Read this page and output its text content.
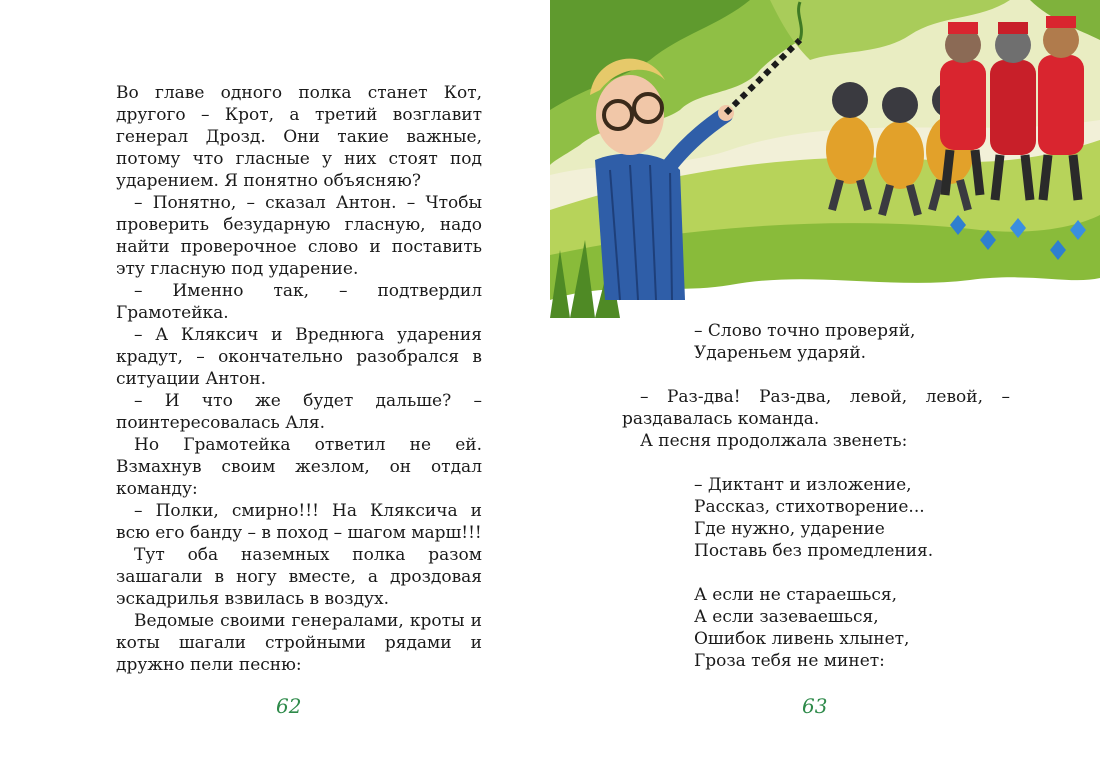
Во главе одного полка станет Кот, другого – Крот, а третий возглавит генерал Дрозд. Они такие важные, потому что гласные у них стоят под ударением. Я понятно объясняю?

– Понятно, – сказал Антон. – Чтобы проверить безударную гласную, надо найти проверочное слово и поставить эту гласную под ударение.

– Именно так, – подтвердил Грамотейка.

– А Кляксич и Вреднюга ударения крадут, – окончательно разобрался в ситуации Антон.

– И что же будет дальше? – поинтересовалась Аля.

Но Грамотейка ответил не ей. Взмахнув своим жезлом, он отдал команду:

– Полки, смирно!!! На Кляксича и всю его банду – в поход – шагом марш!!!

Тут оба наземных полка разом зашагали в ногу вместе, а дроздовая эскадрилья взвилась в воздух.

Ведомые своими генералами, кроты и коты шагали стройными рядами и дружно пели песню:

62

– Слово точно проверяй,

Удареньем ударяй.

– Раз-два! Раз-два, левой, левой, – раздавалась команда.

А песня продолжала звенеть:

– Диктант и изложение,

Рассказ, стихотворение...

Где нужно, ударение

Поставь без промедления.

А если не стараешься,

А если зазеваешься,

Ошибок ливень хлынет,

Гроза тебя не минет:

63
